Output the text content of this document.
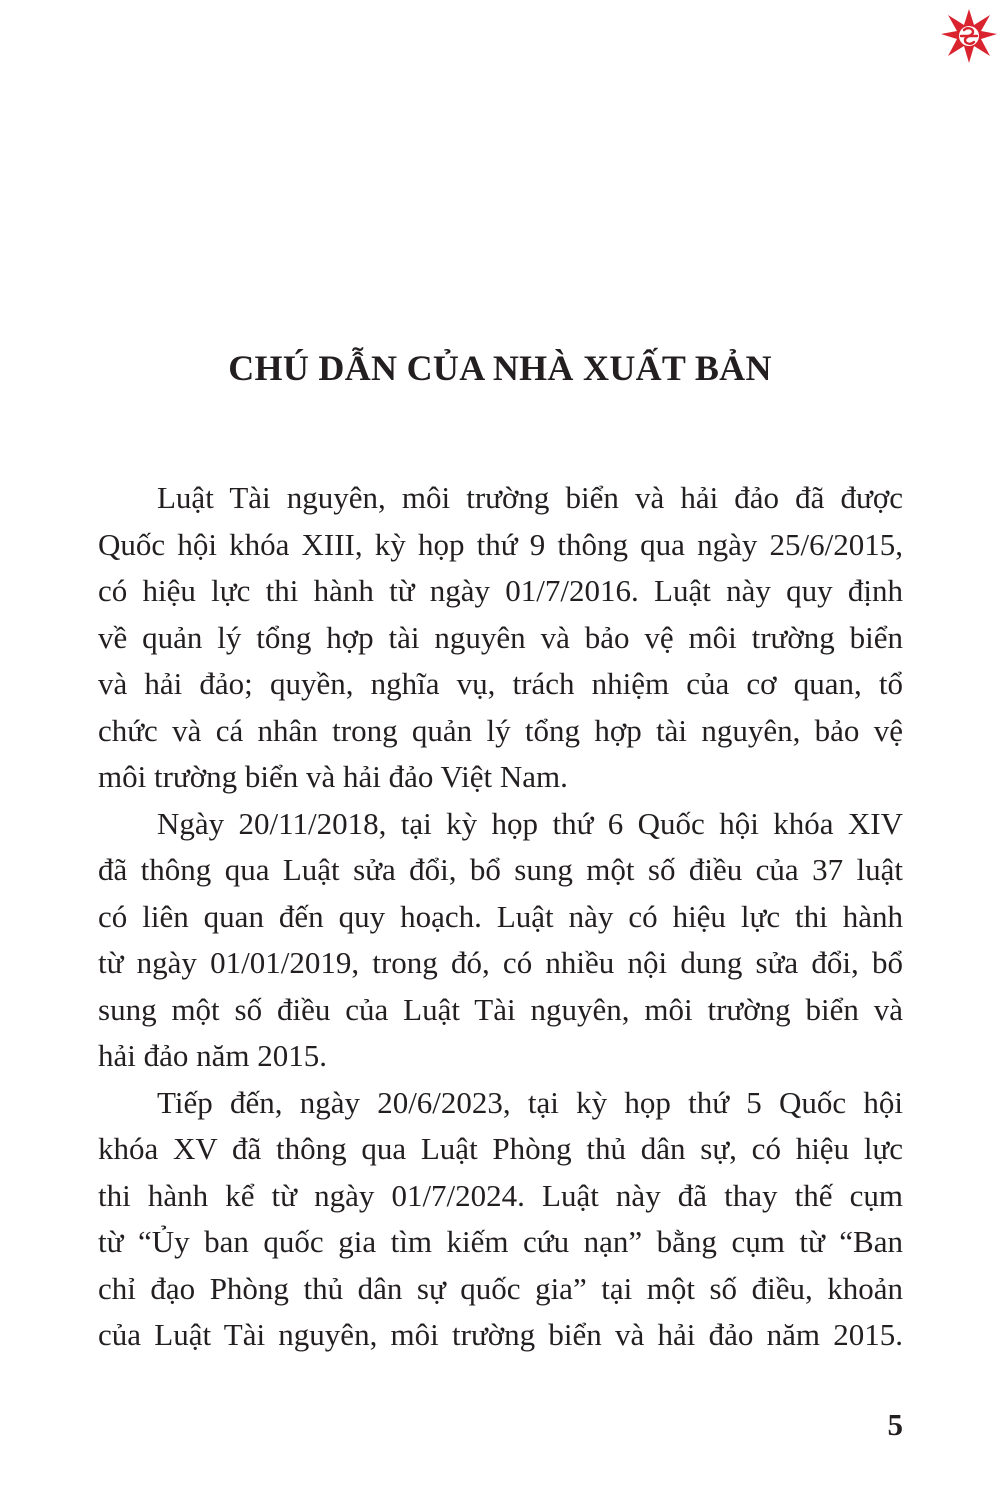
CHÚ DẪN CỦA NHÀ XUẤT BẢN
Luật Tài nguyên, môi trường biển và hải đảo đã được
Quốc hội khóa XIII, kỳ họp thứ 9 thông qua ngày 25/6/2015,
có hiệu lực thi hành từ ngày 01/7/2016. Luật này quy định
về quản lý tổng hợp tài nguyên và bảo vệ môi trường biển
và hải đảo; quyền, nghĩa vụ, trách nhiệm của cơ quan, tổ
chức và cá nhân trong quản lý tổng hợp tài nguyên, bảo vệ
môi trường biển và hải đảo Việt Nam.
Ngày 20/11/2018, tại kỳ họp thứ 6 Quốc hội khóa XIV
đã thông qua Luật sửa đổi, bổ sung một số điều của 37 luật
có liên quan đến quy hoạch. Luật này có hiệu lực thi hành
từ ngày 01/01/2019, trong đó, có nhiều nội dung sửa đổi, bổ
sung một số điều của Luật Tài nguyên, môi trường biển và
hải đảo năm 2015.
Tiếp đến, ngày 20/6/2023, tại kỳ họp thứ 5 Quốc hội
khóa XV đã thông qua Luật Phòng thủ dân sự, có hiệu lực
thi hành kể từ ngày 01/7/2024. Luật này đã thay thế cụm
từ “Ủy ban quốc gia tìm kiếm cứu nạn” bằng cụm từ “Ban
chỉ đạo Phòng thủ dân sự quốc gia” tại một số điều, khoản
của Luật Tài nguyên, môi trường biển và hải đảo năm 2015.
5
